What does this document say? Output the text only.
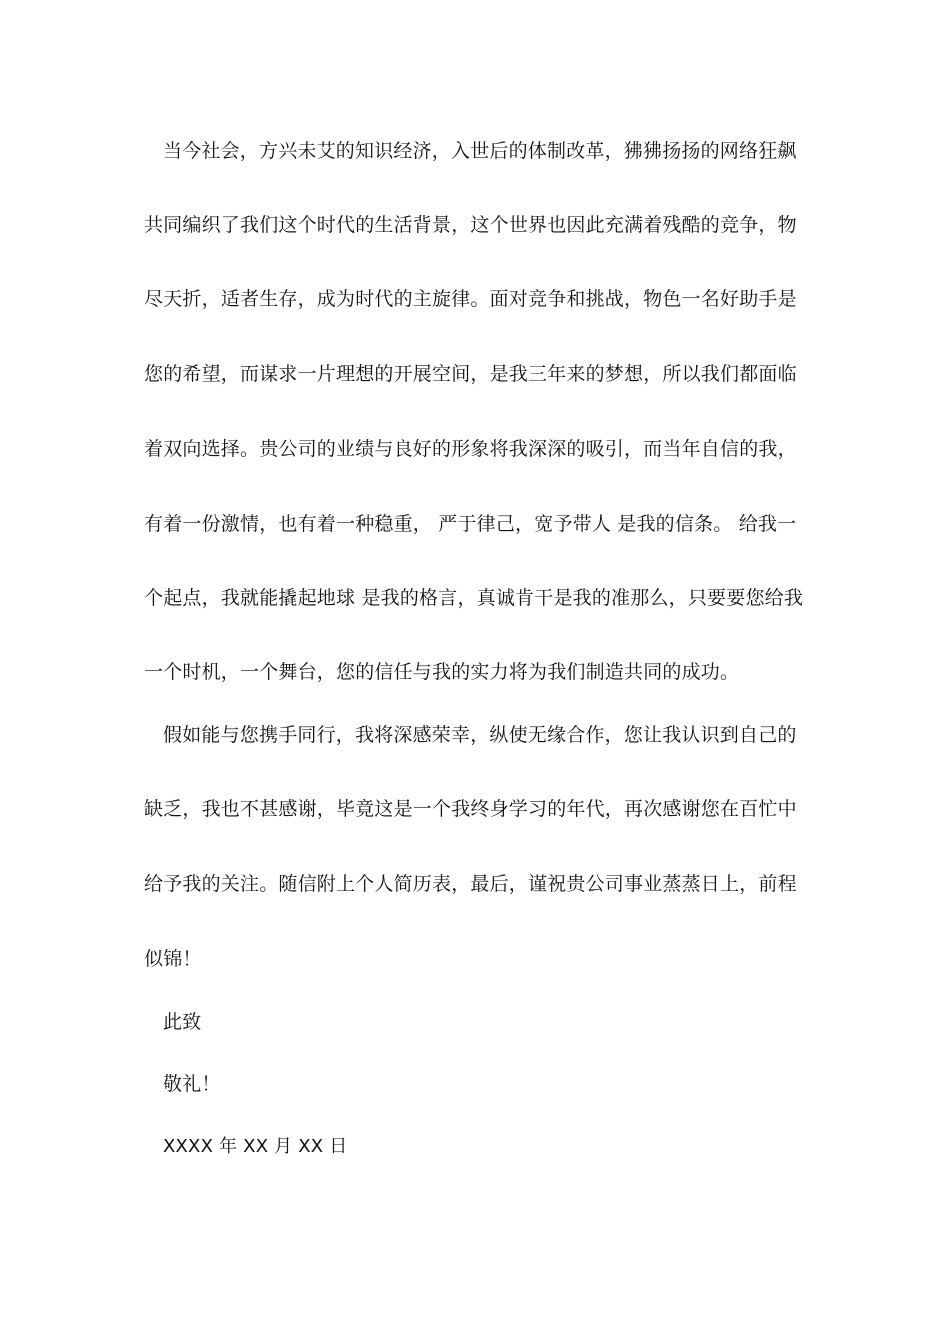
当今社会，方兴未艾的知识经济，入世后的体制改革，狒狒扬扬的网络狂飙
共同编织了我们这个时代的生活背景，这个世界也因此充满着残酷的竞争，物
尽天折，适者生存，成为时代的主旋律。面对竞争和挑战，物色一名好助手是
您的希望，而谋求一片理想的开展空间，是我三年来的梦想，所以我们都面临
着双向选择。贵公司的业绩与良好的形象将我深深的吸引，而当年自信的我，
有着一份激情，也有着一种稳重， 严于律己，宽予带人 是我的信条。 给我一
个起点，我就能撬起地球 是我的格言，真诚肯干是我的准那么，只要要您给我
一个时机，一个舞台，您的信任与我的实力将为我们制造共同的成功。
假如能与您携手同行，我将深感荣幸，纵使无缘合作，您让我认识到自己的
缺乏，我也不甚感谢，毕竟这是一个我终身学习的年代，再次感谢您在百忙中
给予我的关注。随信附上个人简历表，最后，谨祝贵公司事业蒸蒸日上，前程
似锦！
此致
敬礼！
XXXX 年 XX 月 XX 日
